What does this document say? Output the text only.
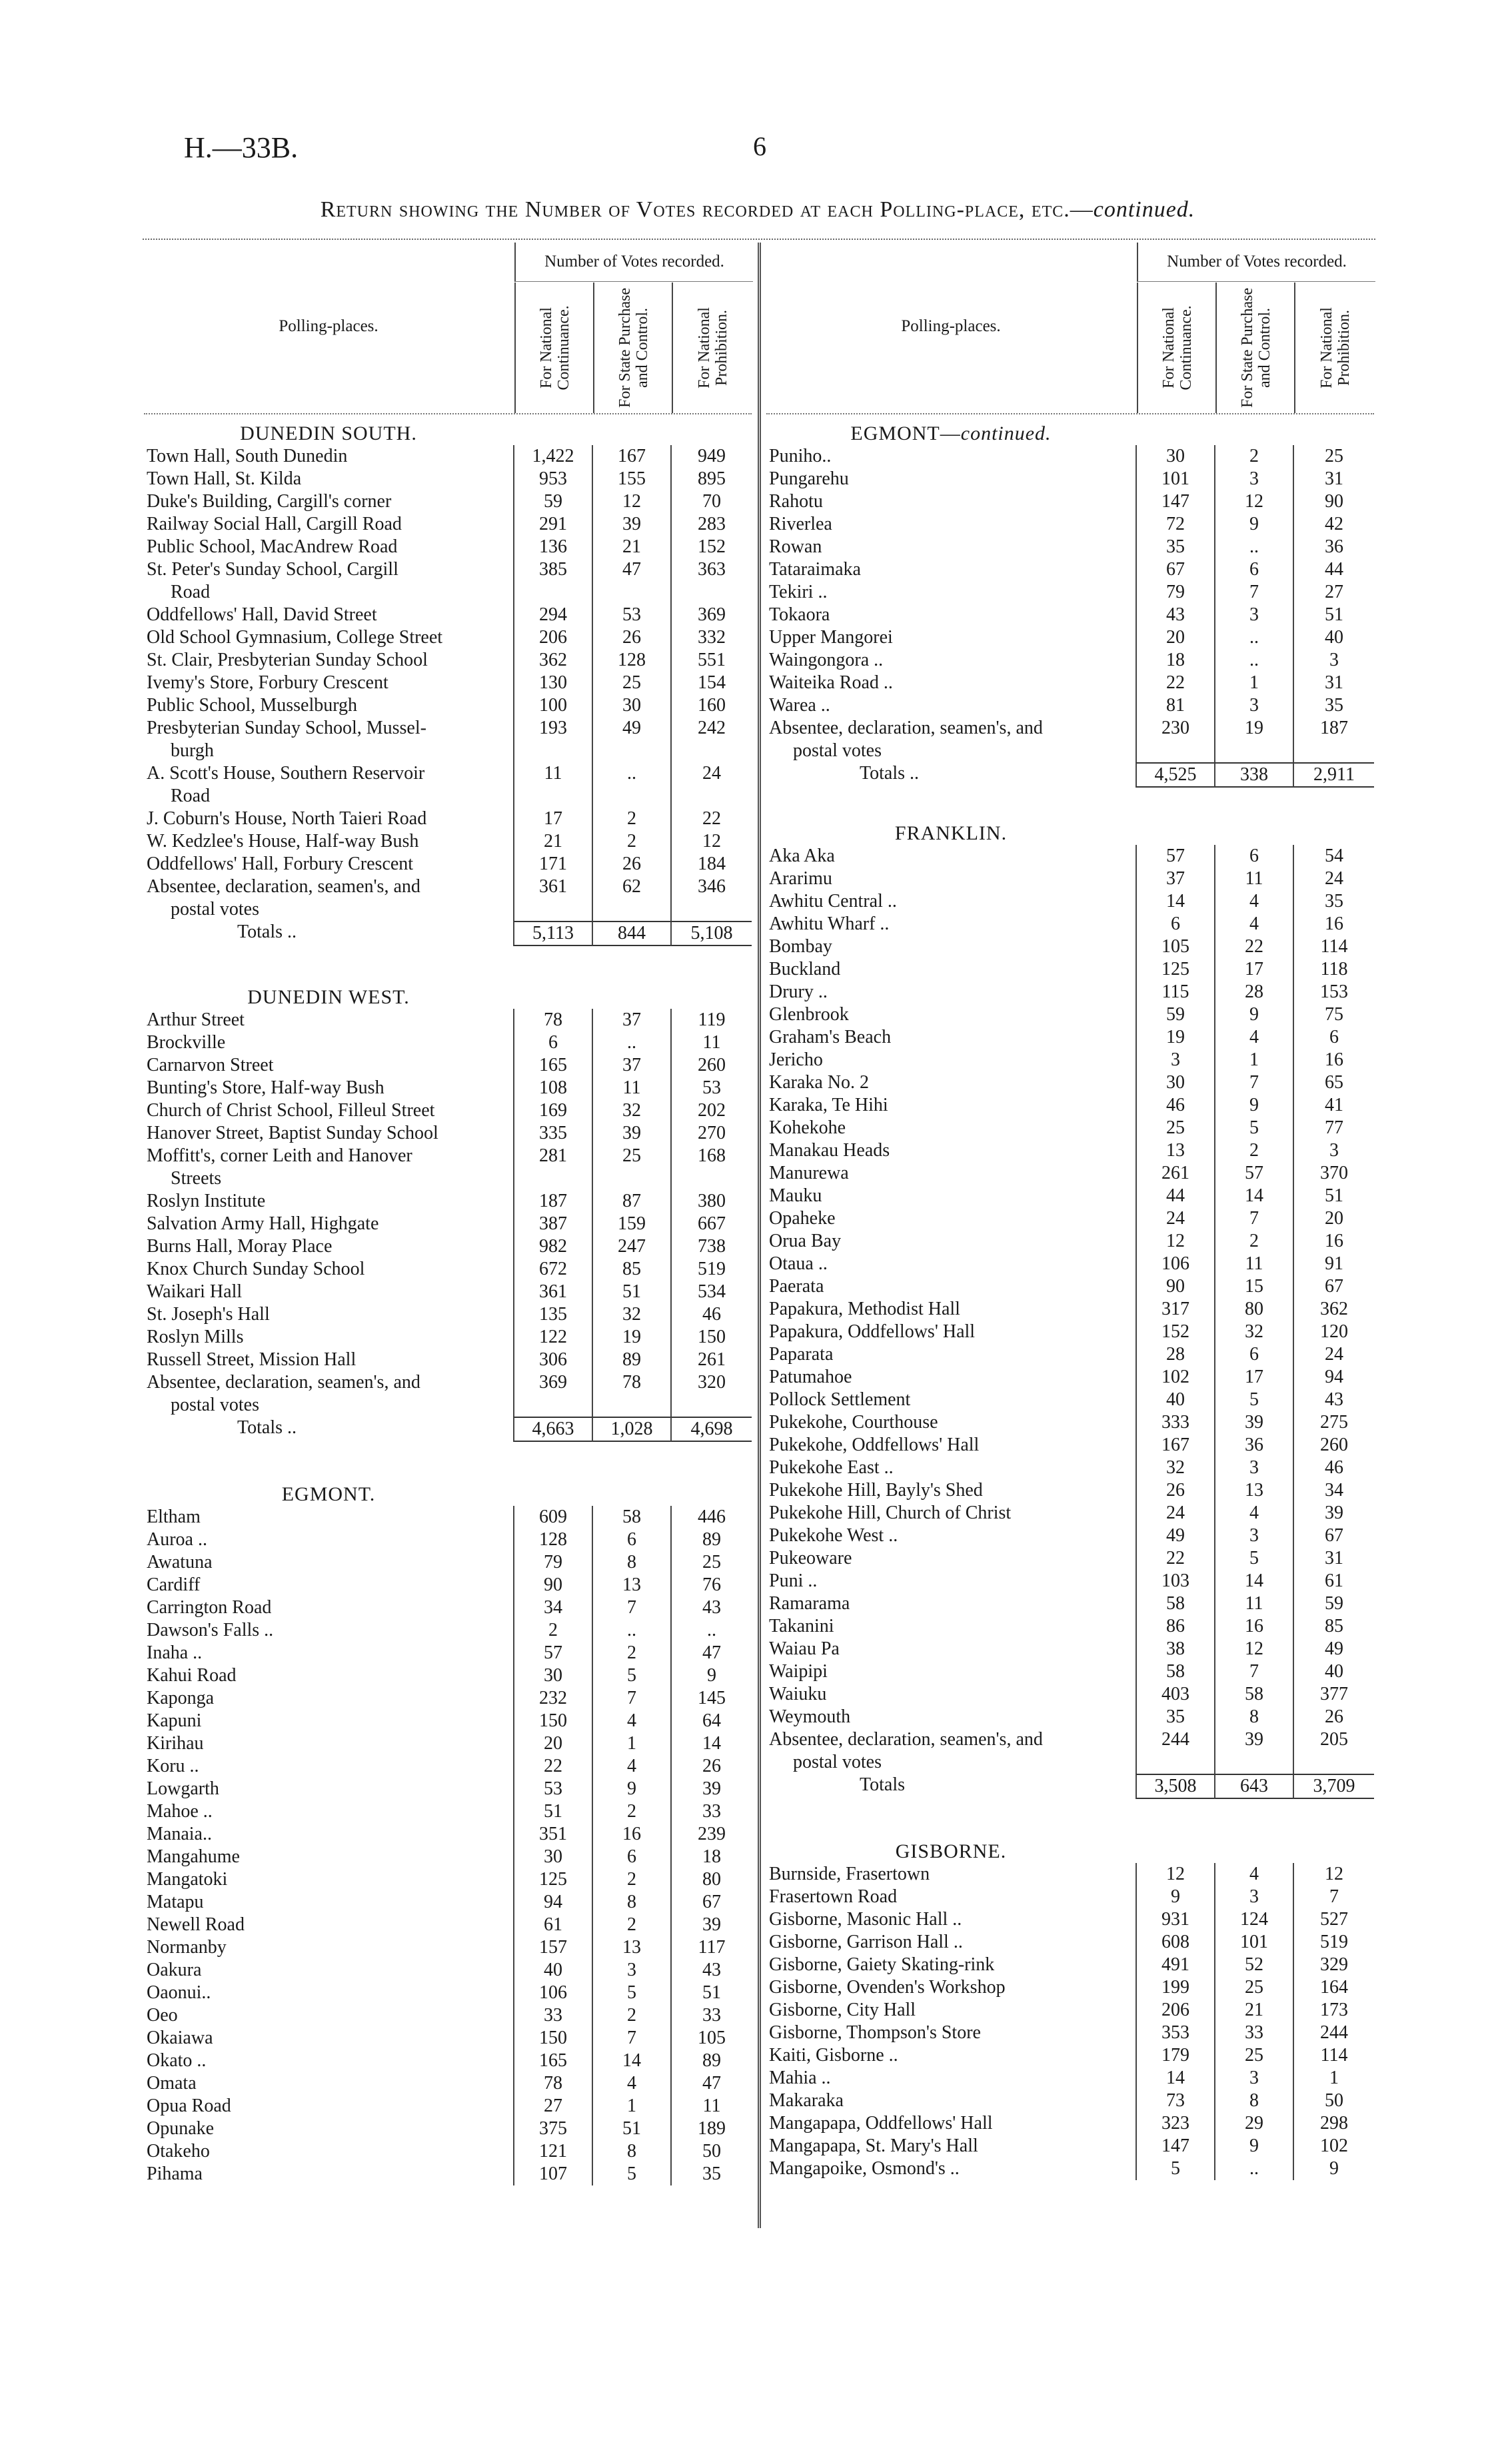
H.—33B.	6
Return showing the Number of Votes recorded at each Polling-place, etc.—continued.
Polling-places.
Number of Votes recorded.
For National Continuance.	For State Purchase and Control.	For National Prohibition.
DUNEDIN SOUTH.
Town Hall, South Dunedin	1,422	167	949
Town Hall, St. Kilda	953	155	895
Duke's Building, Cargill's corner	59	12	70
Railway Social Hall, Cargill Road	291	39	283
Public School, MacAndrew Road	136	21	152
St. Peter's Sunday School, Cargill	385	47	363
Road
Oddfellows' Hall, David Street	294	53	369
Old School Gymnasium, College Street	206	26	332
St. Clair, Presbyterian Sunday School	362	128	551
Ivemy's Store, Forbury Crescent	130	25	154
Public School, Musselburgh	100	30	160
Presbyterian Sunday School, Mussel-	193	49	242
burgh
A. Scott's House, Southern Reservoir	11	..	24
Road
J. Coburn's House, North Taieri Road	17	2	22
W. Kedzlee's House, Half-way Bush	21	2	12
Oddfellows' Hall, Forbury Crescent	171	26	184
Absentee, declaration, seamen's, and	361	62	346
postal votes
Totals ..	5,113	844	5,108
DUNEDIN WEST.
Arthur Street	78	37	119
Brockville	6	..	11
Carnarvon Street	165	37	260
Bunting's Store, Half-way Bush	108	11	53
Church of Christ School, Filleul Street	169	32	202
Hanover Street, Baptist Sunday School	335	39	270
Moffitt's, corner Leith and Hanover	281	25	168
Streets
Roslyn Institute	187	87	380
Salvation Army Hall, Highgate	387	159	667
Burns Hall, Moray Place	982	247	738
Knox Church Sunday School	672	85	519
Waikari Hall	361	51	534
St. Joseph's Hall	135	32	46
Roslyn Mills	122	19	150
Russell Street, Mission Hall	306	89	261
Absentee, declaration, seamen's, and	369	78	320
postal votes
Totals ..	4,663	1,028	4,698
EGMONT.
Eltham	609	58	446
Auroa ..	128	6	89
Awatuna	79	8	25
Cardiff	90	13	76
Carrington Road	34	7	43
Dawson's Falls ..	2	..	..
Inaha ..	57	2	47
Kahui Road	30	5	9
Kaponga	232	7	145
Kapuni	150	4	64
Kirihau	20	1	14
Koru ..	22	4	26
Lowgarth	53	9	39
Mahoe ..	51	2	33
Manaia..	351	16	239
Mangahume	30	6	18
Mangatoki	125	2	80
Matapu	94	8	67
Newell Road	61	2	39
Normanby	157	13	117
Oakura	40	3	43
Oaonui..	106	5	51
Oeo	33	2	33
Okaiawa	150	7	105
Okato ..	165	14	89
Omata	78	4	47
Opua Road	27	1	11
Opunake	375	51	189
Otakeho	121	8	50
Pihama	107	5	35
Polling-places.
Number of Votes recorded.
For National Continuance.	For State Purchase and Control.	For National Prohibition.
EGMONT—continued.
Puniho..	30	2	25
Pungarehu	101	3	31
Rahotu	147	12	90
Riverlea	72	9	42
Rowan	35	..	36
Tataraimaka	67	6	44
Tekiri ..	79	7	27
Tokaora	43	3	51
Upper Mangorei	20	..	40
Waingongora ..	18	..	3
Waiteika Road ..	22	1	31
Warea ..	81	3	35
Absentee, declaration, seamen's, and	230	19	187
postal votes
Totals ..	4,525	338	2,911
FRANKLIN.
Aka Aka	57	6	54
Ararimu	37	11	24
Awhitu Central ..	14	4	35
Awhitu Wharf ..	6	4	16
Bombay	105	22	114
Buckland	125	17	118
Drury ..	115	28	153
Glenbrook	59	9	75
Graham's Beach	19	4	6
Jericho	3	1	16
Karaka No. 2	30	7	65
Karaka, Te Hihi	46	9	41
Kohekohe	25	5	77
Manakau Heads	13	2	3
Manurewa	261	57	370
Mauku	44	14	51
Opaheke	24	7	20
Orua Bay	12	2	16
Otaua ..	106	11	91
Paerata	90	15	67
Papakura, Methodist Hall	317	80	362
Papakura, Oddfellows' Hall	152	32	120
Paparata	28	6	24
Patumahoe	102	17	94
Pollock Settlement	40	5	43
Pukekohe, Courthouse	333	39	275
Pukekohe, Oddfellows' Hall	167	36	260
Pukekohe East ..	32	3	46
Pukekohe Hill, Bayly's Shed	26	13	34
Pukekohe Hill, Church of Christ	24	4	39
Pukekohe West ..	49	3	67
Pukeoware	22	5	31
Puni ..	103	14	61
Ramarama	58	11	59
Takanini	86	16	85
Waiau Pa	38	12	49
Waipipi	58	7	40
Waiuku	403	58	377
Weymouth	35	8	26
Absentee, declaration, seamen's, and	244	39	205
postal votes
Totals	3,508	643	3,709
GISBORNE.
Burnside, Frasertown	12	4	12
Frasertown Road	9	3	7
Gisborne, Masonic Hall ..	931	124	527
Gisborne, Garrison Hall ..	608	101	519
Gisborne, Gaiety Skating-rink	491	52	329
Gisborne, Ovenden's Workshop	199	25	164
Gisborne, City Hall	206	21	173
Gisborne, Thompson's Store	353	33	244
Kaiti, Gisborne ..	179	25	114
Mahia ..	14	3	1
Makaraka	73	8	50
Mangapapa, Oddfellows' Hall	323	29	298
Mangapapa, St. Mary's Hall	147	9	102
Mangapoike, Osmond's ..	5	..	9
